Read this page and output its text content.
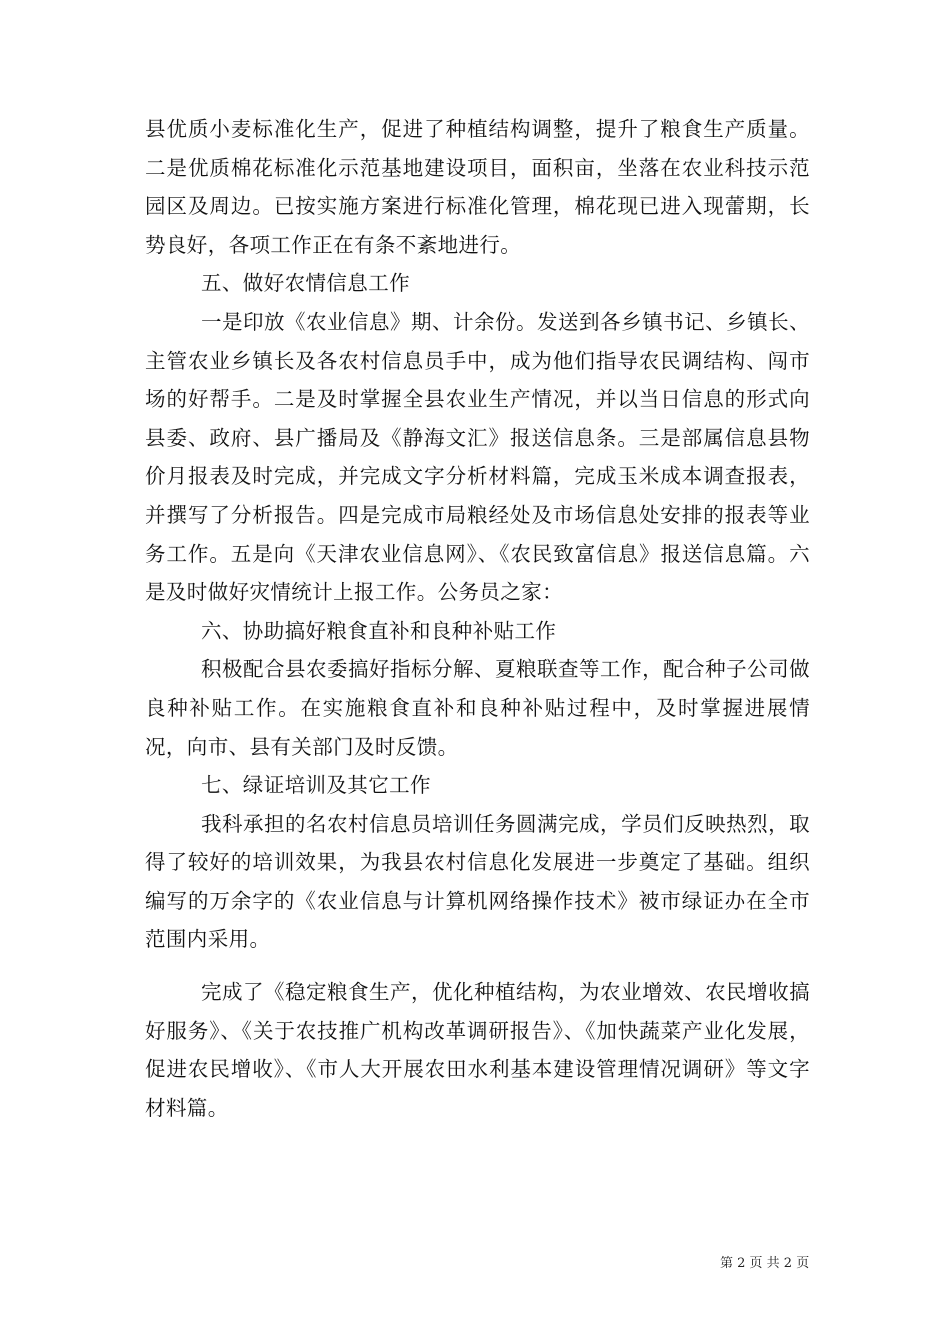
县优质小麦标准化生产，促进了种植结构调整，提升了粮食生产质量。二是优质棉花标准化示范基地建设项目，面积亩，坐落在农业科技示范园区及周边。已按实施方案进行标准化管理，棉花现已进入现蕾期，长势良好，各项工作正在有条不紊地进行。

五、做好农情信息工作

一是印放《农业信息》期、计余份。发送到各乡镇书记、乡镇长、主管农业乡镇长及各农村信息员手中，成为他们指导农民调结构、闯市场的好帮手。二是及时掌握全县农业生产情况，并以当日信息的形式向县委、政府、县广播局及《静海文汇》报送信息条。三是部属信息县物价月报表及时完成，并完成文字分析材料篇，完成玉米成本调查报表，并撰写了分析报告。四是完成市局粮经处及市场信息处安排的报表等业务工作。五是向《天津农业信息网》、《农民致富信息》报送信息篇。六是及时做好灾情统计上报工作。公务员之家：

六、协助搞好粮食直补和良种补贴工作

积极配合县农委搞好指标分解、夏粮联查等工作，配合种子公司做良种补贴工作。在实施粮食直补和良种补贴过程中，及时掌握进展情况，向市、县有关部门及时反馈。

七、绿证培训及其它工作

我科承担的名农村信息员培训任务圆满完成，学员们反映热烈，取得了较好的培训效果，为我县农村信息化发展进一步奠定了基础。组织编写的万余字的《农业信息与计算机网络操作技术》被市绿证办在全市范围内采用。

完成了《稳定粮食生产，优化种植结构，为农业增效、农民增收搞好服务》、《关于农技推广机构改革调研报告》、《加快蔬菜产业化发展，促进农民增收》、《市人大开展农田水利基本建设管理情况调研》等文字材料篇。

第 2 页 共 2 页
